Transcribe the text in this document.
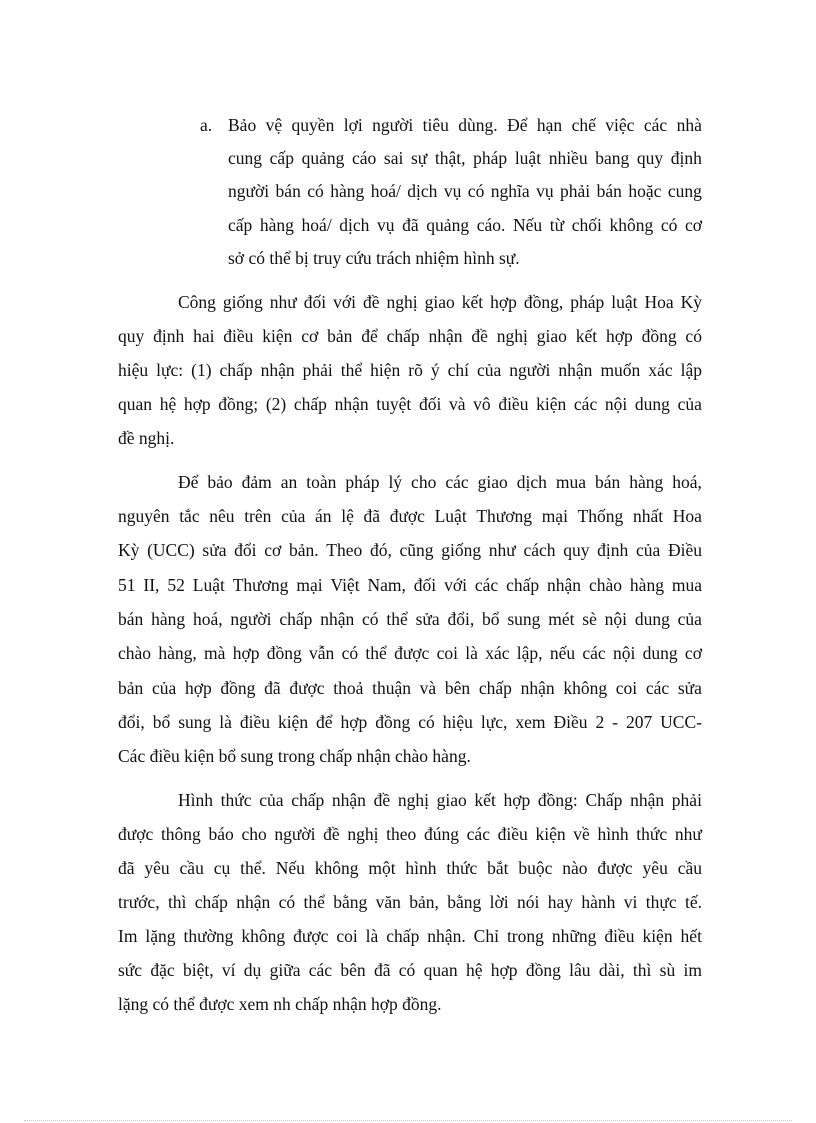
a. Bảo vệ quyền lợi người tiêu dùng. Để hạn chế việc các nhà
cung cấp quảng cáo sai sự thật, pháp luật nhiều bang quy định
người bán có hàng hoá/ dịch vụ có nghĩa vụ phải bán hoặc cung
cấp hàng hoá/ dịch vụ đã quảng cáo. Nếu từ chối không có cơ
sở có thể bị truy cứu trách nhiệm hình sự.
Công giống như đối với đề nghị giao kết hợp đồng, pháp luật Hoa Kỳ
quy định hai điều kiện cơ bản để chấp nhận đề nghị giao kết hợp đồng có
hiệu lực: (1) chấp nhận phải thể hiện rõ ý chí của người nhận muốn xác lập
quan hệ hợp đồng; (2) chấp nhận tuyệt đối và vô điều kiện các nội dung của
đề nghị.
Để bảo đảm an toàn pháp lý cho các giao dịch mua bán hàng hoá,
nguyên tắc nêu trên của án lệ đã được Luật Thương mại Thống nhất Hoa
Kỳ (UCC) sửa đổi cơ bản. Theo đó, cũng giống như cách quy định của Điều
51 II, 52 Luật Thương mại Việt Nam, đối với các chấp nhận chào hàng mua
bán hàng hoá, người chấp nhận có thể sửa đổi, bổ sung mét sè nội dung của
chào hàng, mà hợp đồng vẫn có thể được coi là xác lập, nếu các nội dung cơ
bản của hợp đồng đã được thoả thuận và bên chấp nhận không coi các sửa
đổi, bổ sung là điều kiện để hợp đồng có hiệu lực, xem Điều 2 - 207 UCC-
Các điều kiện bổ sung trong chấp nhận chào hàng.
Hình thức của chấp nhận đề nghị giao kết hợp đồng: Chấp nhận phải
được thông báo cho người đề nghị theo đúng các điều kiện về hình thức như
đã yêu cầu cụ thể. Nếu không một hình thức bắt buộc nào được yêu cầu
trước, thì chấp nhận có thể bằng văn bản, bằng lời nói hay hành vi thực tế.
Im lặng thường không được coi là chấp nhận. Chỉ trong những điều kiện hết
sức đặc biệt, ví dụ giữa các bên đã có quan hệ hợp đồng lâu dài, thì sù im
lặng có thể được xem nh chấp nhận hợp đồng.
